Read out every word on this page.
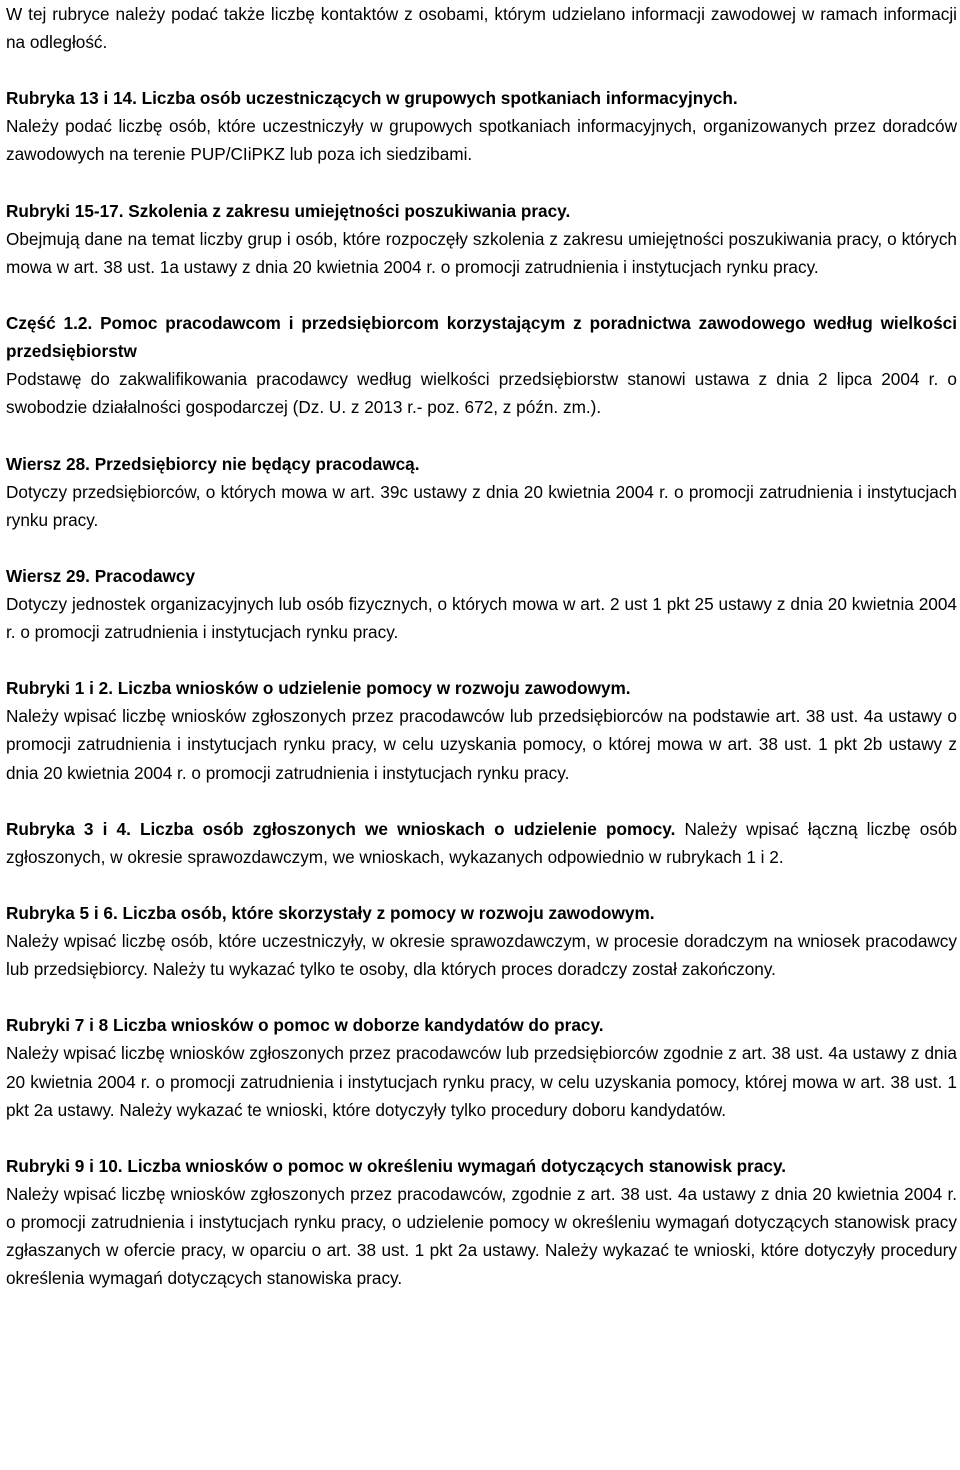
W tej rubryce należy podać także liczbę kontaktów z osobami, którym udzielano informacji zawodowej w ramach informacji na odległość.

Rubryka 13 i 14. Liczba osób uczestniczących w grupowych spotkaniach informacyjnych.
Należy podać liczbę osób, które uczestniczyły w grupowych spotkaniach informacyjnych, organizowanych przez doradców zawodowych na terenie PUP/CIiPKZ lub poza ich siedzibami.

Rubryki 15-17. Szkolenia z zakresu umiejętności poszukiwania pracy.
Obejmują dane na temat liczby grup i osób, które rozpoczęły szkolenia z zakresu umiejętności poszukiwania pracy, o których mowa w art. 38 ust. 1a ustawy z dnia 20 kwietnia 2004 r. o promocji zatrudnienia i instytucjach rynku pracy.

Część 1.2. Pomoc pracodawcom i przedsiębiorcom korzystającym z poradnictwa zawodowego według wielkości przedsiębiorstw
Podstawę do zakwalifikowania pracodawcy według wielkości przedsiębiorstw stanowi ustawa z dnia 2 lipca 2004 r. o swobodzie działalności gospodarczej (Dz. U. z 2013 r.- poz. 672, z późn. zm.).

Wiersz 28. Przedsiębiorcy nie będący pracodawcą.
Dotyczy przedsiębiorców, o których mowa w art. 39c ustawy z dnia 20 kwietnia 2004 r. o promocji zatrudnienia i instytucjach rynku pracy.

Wiersz 29. Pracodawcy
Dotyczy jednostek organizacyjnych lub osób fizycznych, o których mowa w art. 2 ust 1 pkt 25 ustawy z dnia 20 kwietnia 2004 r. o promocji zatrudnienia i instytucjach rynku pracy.

Rubryki 1 i 2. Liczba wniosków o udzielenie pomocy w rozwoju zawodowym.
Należy wpisać liczbę wniosków zgłoszonych przez pracodawców lub przedsiębiorców na podstawie art. 38 ust. 4a ustawy o promocji zatrudnienia i instytucjach rynku pracy, w celu uzyskania pomocy, o której mowa w art. 38 ust. 1 pkt 2b ustawy z dnia 20 kwietnia 2004 r. o promocji zatrudnienia i instytucjach rynku pracy.

Rubryka 3 i 4. Liczba osób zgłoszonych we wnioskach o udzielenie pomocy. Należy wpisać łączną liczbę osób zgłoszonych, w okresie sprawozdawczym, we wnioskach, wykazanych odpowiednio w rubrykach 1 i 2.

Rubryka 5 i 6. Liczba osób, które skorzystały z pomocy w rozwoju zawodowym.
Należy wpisać liczbę osób, które uczestniczyły, w okresie sprawozdawczym, w procesie doradczym na wniosek pracodawcy lub przedsiębiorcy. Należy tu wykazać tylko te osoby, dla których proces doradczy został zakończony.

Rubryki 7 i 8 Liczba wniosków o pomoc w doborze kandydatów do pracy.
Należy wpisać liczbę wniosków zgłoszonych przez pracodawców lub przedsiębiorców zgodnie z art. 38 ust. 4a ustawy z dnia 20 kwietnia 2004 r. o promocji zatrudnienia i instytucjach rynku pracy, w celu uzyskania pomocy, której mowa w art. 38 ust. 1 pkt 2a ustawy. Należy wykazać te wnioski, które dotyczyły tylko procedury doboru kandydatów.

Rubryki 9 i 10. Liczba wniosków o pomoc w określeniu wymagań dotyczących stanowisk pracy.
Należy wpisać liczbę wniosków zgłoszonych przez pracodawców, zgodnie z art. 38 ust. 4a ustawy z dnia 20 kwietnia 2004 r. o promocji zatrudnienia i instytucjach rynku pracy, o udzielenie pomocy w określeniu wymagań dotyczących stanowisk pracy zgłaszanych w ofercie pracy, w oparciu o art. 38 ust. 1 pkt 2a ustawy. Należy wykazać te wnioski, które dotyczyły procedury określenia wymagań dotyczących stanowiska pracy.
